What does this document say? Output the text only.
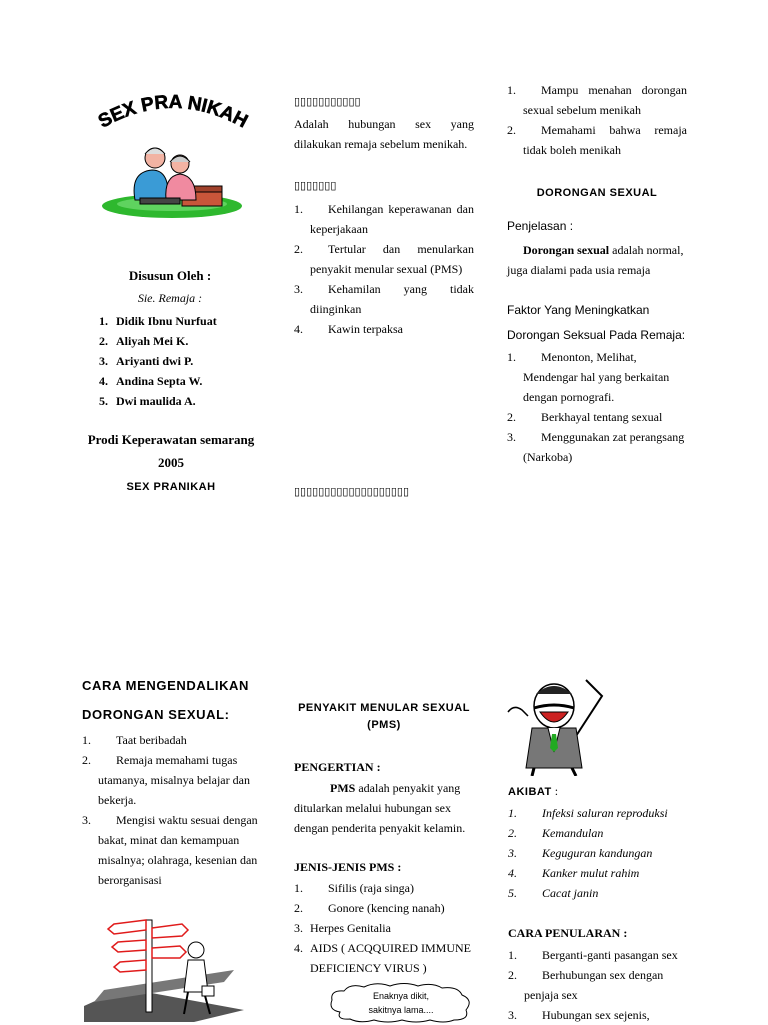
SEX PRA NIKAH
Disusun Oleh :
Sie. Remaja :
1. Didik Ibnu Nurfuat
2. Aliyah Mei K.
3. Ariyanti dwi P.
4. Andina Septa W.
5. Dwi maulida A.
Prodi Keperawatan semarang
2005
SEX PRANIKAH
▯▯▯▯▯▯▯▯▯▯▯
Adalah hubungan sex yang dilakukan remaja sebelum menikah.
▯▯▯▯▯▯▯
1. Kehilangan keperawanan dan keperjakaan
2. Tertular dan menularkan penyakit menular sexual (PMS)
3. Kehamilan yang tidak diinginkan
4. Kawin terpaksa
▯▯▯▯▯▯▯▯▯▯▯▯▯▯▯▯▯▯▯
1. Mampu menahan dorongan sexual sebelum menikah
2. Memahami bahwa remaja tidak boleh menikah
DORONGAN SEXUAL
Penjelasan :
Dorongan sexual adalah normal, juga dialami pada usia remaja
Faktor Yang Meningkatkan
Dorongan Seksual Pada Remaja:
1. Menonton, Melihat, Mendengar hal yang berkaitan dengan pornografi.
2. Berkhayal tentang sexual
3. Menggunakan zat perangsang (Narkoba)
CARA MENGENDALIKAN
DORONGAN SEXUAL:
1. Taat beribadah
2. Remaja memahami tugas utamanya, misalnya belajar dan bekerja.
3. Mengisi waktu sesuai dengan bakat, minat dan kemampuan misalnya; olahraga, kesenian dan berorganisasi
PENYAKIT MENULAR SEXUAL (PMS)
PENGERTIAN :
PMS adalah penyakit yang ditularkan melalui hubungan sex dengan penderita penyakit kelamin.
JENIS-JENIS PMS :
1. Sifilis (raja singa)
2. Gonore (kencing nanah)
3. Herpes Genitalia
4. AIDS ( ACQQUIRED IMMUNE DEFICIENCY VIRUS )
Enaknya dikit,
sakitnya lama....
AKIBAT :
1. Infeksi saluran reproduksi
2. Kemandulan
3. Keguguran kandungan
4. Kanker mulut rahim
5. Cacat janin
CARA PENULARAN :
1. Berganti-ganti pasangan sex
2. Berhubungan sex dengan penjaja sex
3. Hubungan sex sejenis,
